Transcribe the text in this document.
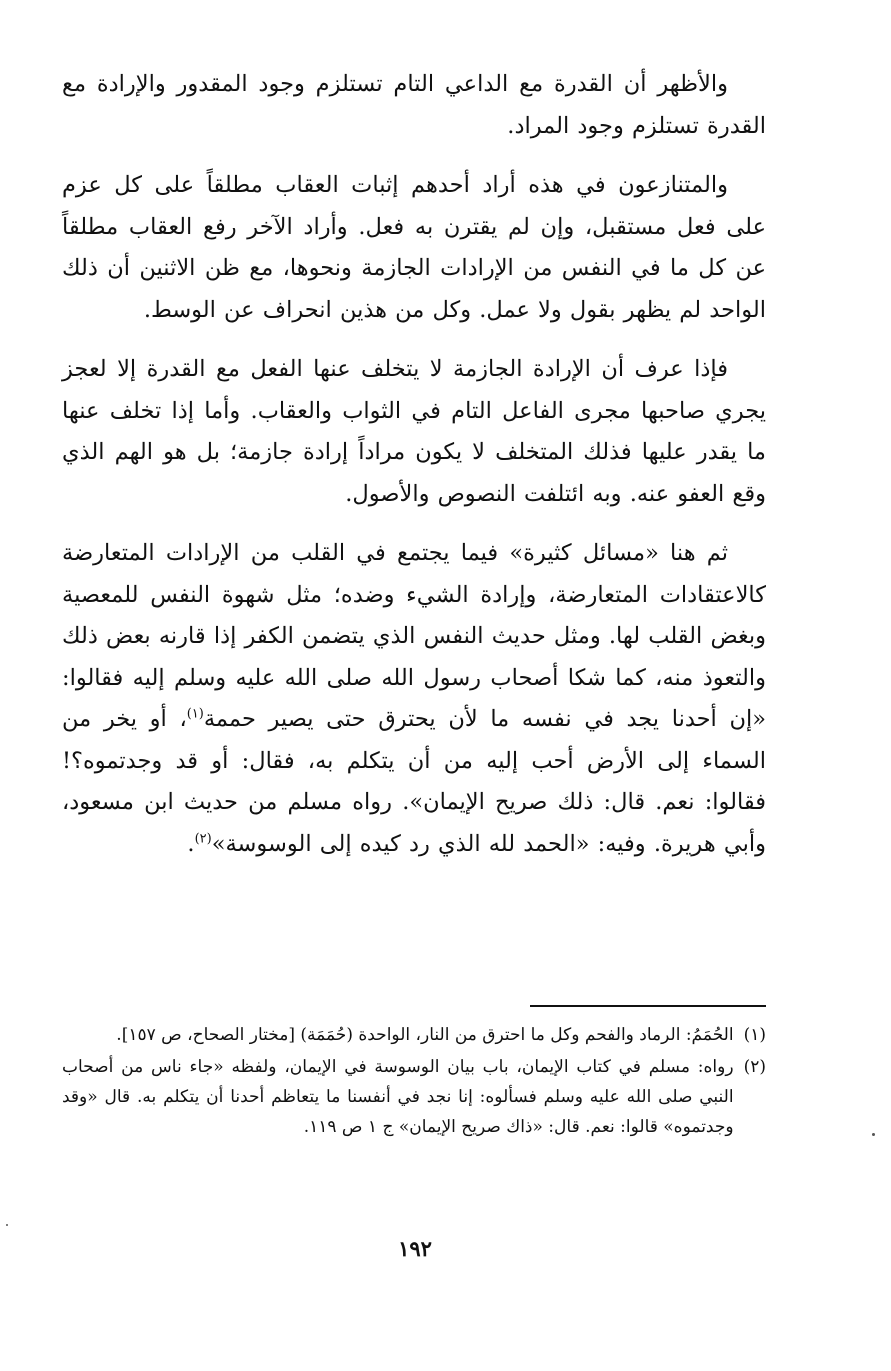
والأظهر أن القدرة مع الداعي التام تستلزم وجود المقدور والإرادة مع القدرة تستلزم وجود المراد.

والمتنازعون في هذه أراد أحدهم إثبات العقاب مطلقاً على كل عزم على فعل مستقبل، وإن لم يقترن به فعل. وأراد الآخر رفع العقاب مطلقاً عن كل ما في النفس من الإرادات الجازمة ونحوها، مع ظن الاثنين أن ذلك الواحد لم يظهر بقول ولا عمل. وكل من هذين انحراف عن الوسط.

فإذا عرف أن الإرادة الجازمة لا يتخلف عنها الفعل مع القدرة إلا لعجز يجري صاحبها مجرى الفاعل التام في الثواب والعقاب. وأما إذا تخلف عنها ما يقدر عليها فذلك المتخلف لا يكون مراداً إرادة جازمة؛ بل هو الهم الذي وقع العفو عنه. وبه ائتلفت النصوص والأصول.

ثم هنا «مسائل كثيرة» فيما يجتمع في القلب من الإرادات المتعارضة كالاعتقادات المتعارضة، وإرادة الشيء وضده؛ مثل شهوة النفس للمعصية وبغض القلب لها. ومثل حديث النفس الذي يتضمن الكفر إذا قارنه بعض ذلك والتعوذ منه، كما شكا أصحاب رسول الله صلى الله عليه وسلم إليه فقالوا: «إن أحدنا يجد في نفسه ما لأن يحترق حتى يصير حممة$^{(١)}$، أو يخر من السماء إلى الأرض أحب إليه من أن يتكلم به، فقال: أو قد وجدتموه؟! فقالوا: نعم. قال: ذلك صريح الإيمان». رواه مسلم من حديث ابن مسعود، وأبي هريرة. وفيه: «الحمد لله الذي رد كيده إلى الوسوسة»$^{(٢)}$.

(١)
الحُمَمُ: الرماد والفحم وكل ما احترق من النار، الواحدة (حُمَمَة) [مختار الصحاح، ص ١٥٧].
(٢)
رواه: مسلم في كتاب الإيمان، باب بيان الوسوسة في الإيمان، ولفظه «جاء ناس من أصحاب النبي صلى الله عليه وسلم فسألوه: إنا نجد في أنفسنا ما يتعاظم أحدنا أن يتكلم به. قال «وقد وجدتموه» قالوا: نعم. قال: «ذاك صريح الإيمان» ج ١ ص ١١٩.
١٩٢
